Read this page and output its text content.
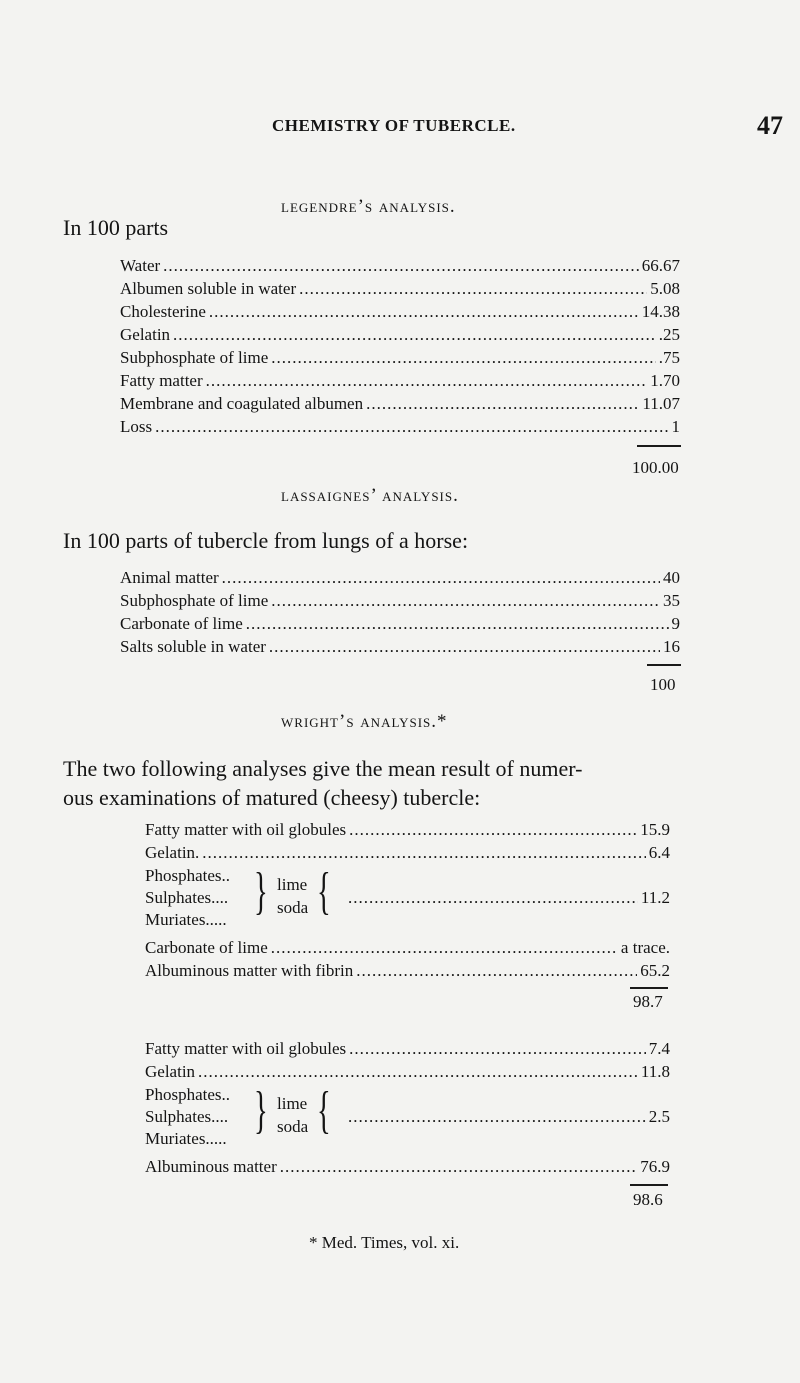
CHEMISTRY OF TUBERCLE.	47
legendre’s analysis.
In 100 parts
Water .....	66.67
Albumen soluble in water .....	5.08
Cholesterine .....	14.38
Gelatin .....	.25
Subphosphate of lime .....	.75
Fatty matter .....	1.70
Membrane and coagulated albumen .....	11.07
Loss .....	1
100.00
lassaignes’ analysis.
In 100 parts of tubercle from lungs of a horse:
Animal matter .....	40
Subphosphate of lime .....	35
Carbonate of lime .....	9
Salts soluble in water .....	16
100
wright’s analysis.*
The two following analyses give the mean result of numer-
ous examinations of matured (cheesy) tubercle:
Fatty matter with oil globules .....	15.9
Gelatin. .....	6.4
Phosphates..
Sulphates....
Muriates..... } lime
soda { .....	11.2
Carbonate of lime .....	a trace.
Albuminous matter with fibrin .....	65.2
98.7
Fatty matter with oil globules .....	7.4
Gelatin .....	11.8
Phosphates..
Sulphates....
Muriates..... } lime
soda { .....	2.5
Albuminous matter .....	76.9
98.6
* Med. Times, vol. xi.
